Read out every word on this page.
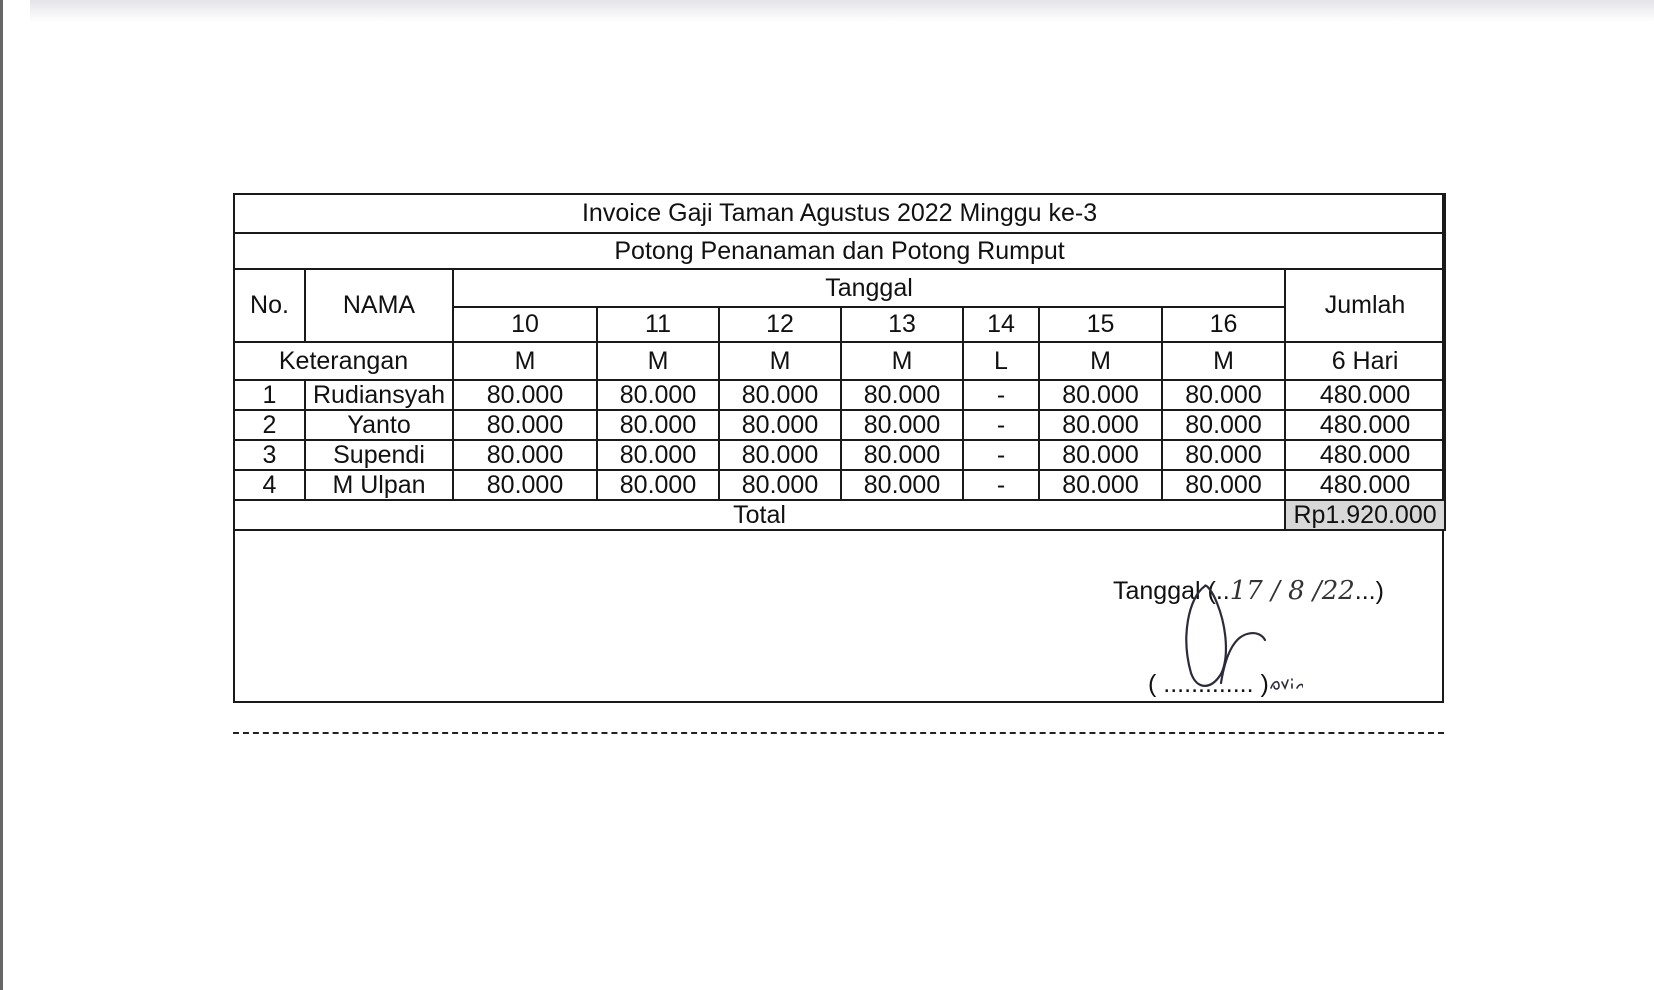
Invoice Gaji Taman Agustus 2022 Minggu ke-3									
Potong Penanaman dan Potong Rumput									
No.	NAMA	Tanggal							Jumlah
		10	11	12	13	14	15	16	
Keterangan		M	M	M	M	L	M	M	6 Hari
1	Rudiansyah	80.000	80.000	80.000	80.000	-	80.000	80.000	480.000
2	Yanto	80.000	80.000	80.000	80.000	-	80.000	80.000	480.000
3	Supendi	80.000	80.000	80.000	80.000	-	80.000	80.000	480.000
4	M Ulpan	80.000	80.000	80.000	80.000	-	80.000	80.000	480.000
Total									Rp1.920.000
Tanggal (..17 / 8 /22...)
( ............. )
